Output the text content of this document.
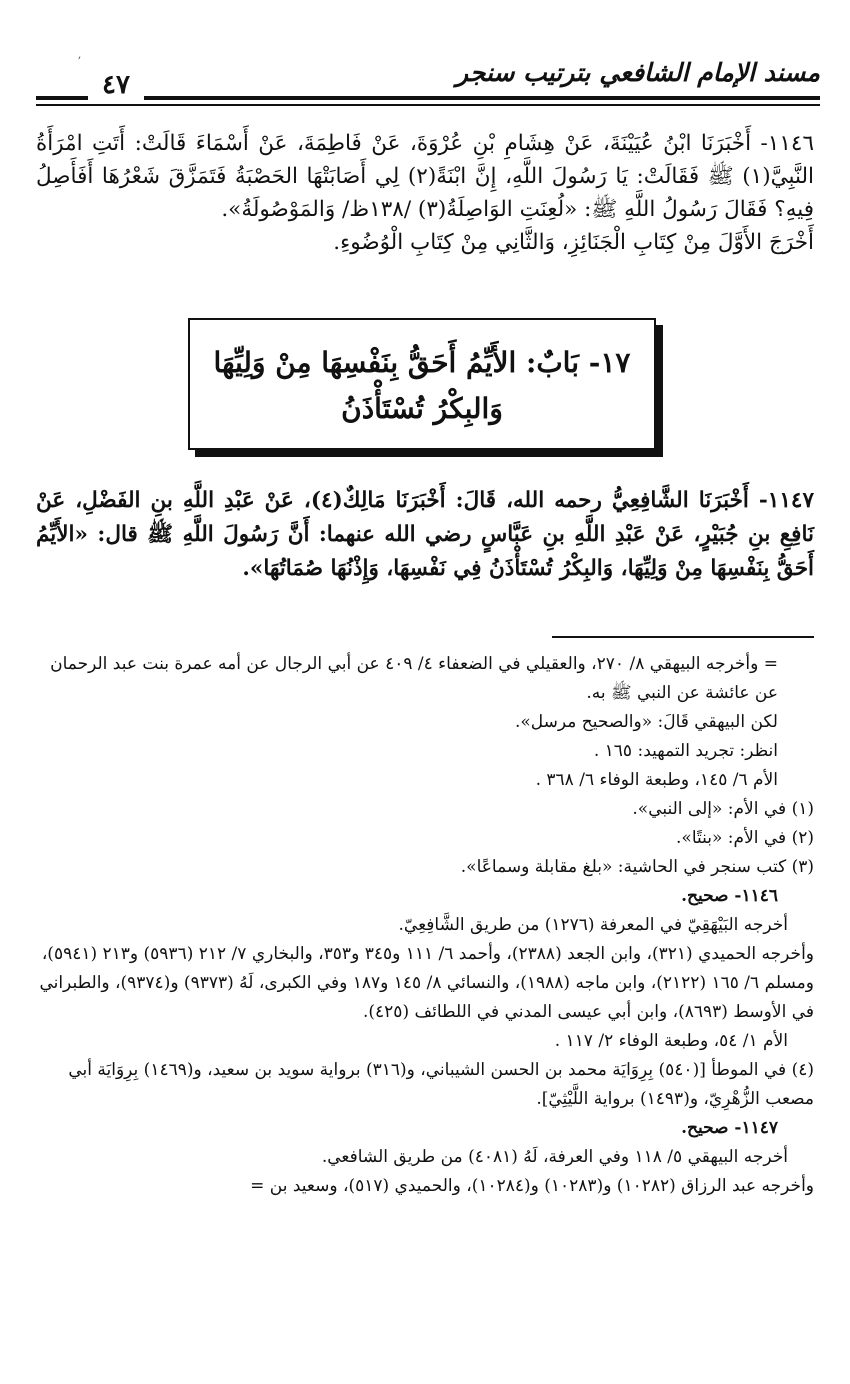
׳	مسند الإمام الشافعي بترتيب سنجر
٤٧

١١٤٦- أَخْبَرَنَا ابْنُ عُيَيْنَةَ، عَنْ هِشَامِ بْنِ عُرْوَةَ، عَنْ فَاطِمَةَ، عَنْ أَسْمَاءَ قَالَتْ: أَتَتِ امْرَأَةُ النَّبِيَّ(١) ﷺ فَقَالَتْ: يَا رَسُولَ اللَّهِ، إِنَّ ابْنَةً(٢) لِي أَصَابَتْهَا الحَصْبَةُ فَتَمَزَّقَ شَعْرُهَا أَفَأَصِلُ فِيهِ؟ فَقَالَ رَسُولُ اللَّهِ ﷺ: «لُعِنَتِ الوَاصِلَةُ(٣) /١٣٨ظ/ وَالمَوْصُولَةُ».

أَخْرَجَ الأَوَّلَ مِنْ كِتَابِ الْجَنَائِزِ، وَالثَّانِي مِنْ كِتَابِ الْوُضُوءِ.

١٧- بَابٌ: الأَيِّمُ أَحَقُّ بِنَفْسِهَا مِنْ وَلِيِّهَا
وَالبِكْرُ تُسْتَأْذَنُ

١١٤٧- أَخْبَرَنَا الشَّافِعِيُّ رحمه الله، قَالَ: أَخْبَرَنَا مَالِكٌ(٤)، عَنْ عَبْدِ اللَّهِ بنِ الفَضْلِ، عَنْ نَافِعِ بنِ جُبَيْرٍ، عَنْ عَبْدِ اللَّهِ بنِ عَبَّاسٍ رضي الله عنهما: أَنَّ رَسُولَ اللَّهِ ﷺ قال: «الأَيِّمُ أَحَقُّ بِنَفْسِهَا مِنْ وَلِيِّهَا، وَالبِكْرُ تُسْتَأْذَنُ فِي نَفْسِهَا، وَإِذْنُهَا صُمَاتُهَا».

= وأخرجه البيهقي ٨/ ٢٧٠، والعقيلي في الضعفاء ٤/ ٤٠٩ عن أبي الرجال عن أمه عمرة بنت عبد الرحمان عن عائشة عن النبي ﷺ به.

لكن البيهقي قَالَ: «والصحيح مرسل».

انظر: تجريد التمهيد: ١٦٥ .

الأم ٦/ ١٤٥، وطبعة الوفاء ٦/ ٣٦٨ .

(١) في الأم: «إلى النبي».

(٢) في الأم: «بنتًا».

(٣) كتب سنجر في الحاشية: «بلغ مقابلة وسماعًا».

١١٤٦- صحيح.

أخرجه البَيْهَقِيّ في المعرفة (١٢٧٦) من طريق الشَّافِعِيّ.

وأخرجه الحميدي (٣٢١)، وابن الجعد (٢٣٨٨)، وأحمد ٦/ ١١١ و٣٤٥ و٣٥٣، والبخاري ٧/ ٢١٢ (٥٩٣٦) و٢١٣ (٥٩٤١)، ومسلم ٦/ ١٦٥ (٢١٢٢)، وابن ماجه (١٩٨٨)، والنسائي ٨/ ١٤٥ و١٨٧ وفي الكبرى، لَهُ (٩٣٧٣) و(٩٣٧٤)، والطبراني في الأوسط (٨٦٩٣)، وابن أبي عيسى المدني في اللطائف (٤٢٥).

الأم ١/ ٥٤، وطبعة الوفاء ٢/ ١١٧ .

(٤) في الموطأ [(٥٤٠) بِرِوَايَة محمد بن الحسن الشيباني، و(٣١٦) برواية سويد بن سعيد، و(١٤٦٩) بِرِوَايَة أبي مصعب الزُّهْرِيّ، و(١٤٩٣) برواية اللَّيْثِيّ].

١١٤٧- صحيح.

أخرجه البيهقي ٥/ ١١٨ وفي العرفة، لَهُ (٤٠٨١) من طريق الشافعي.

وأخرجه عبد الرزاق (١٠٢٨٢) و(١٠٢٨٣) و(١٠٢٨٤)، والحميدي (٥١٧)، وسعيد بن =
